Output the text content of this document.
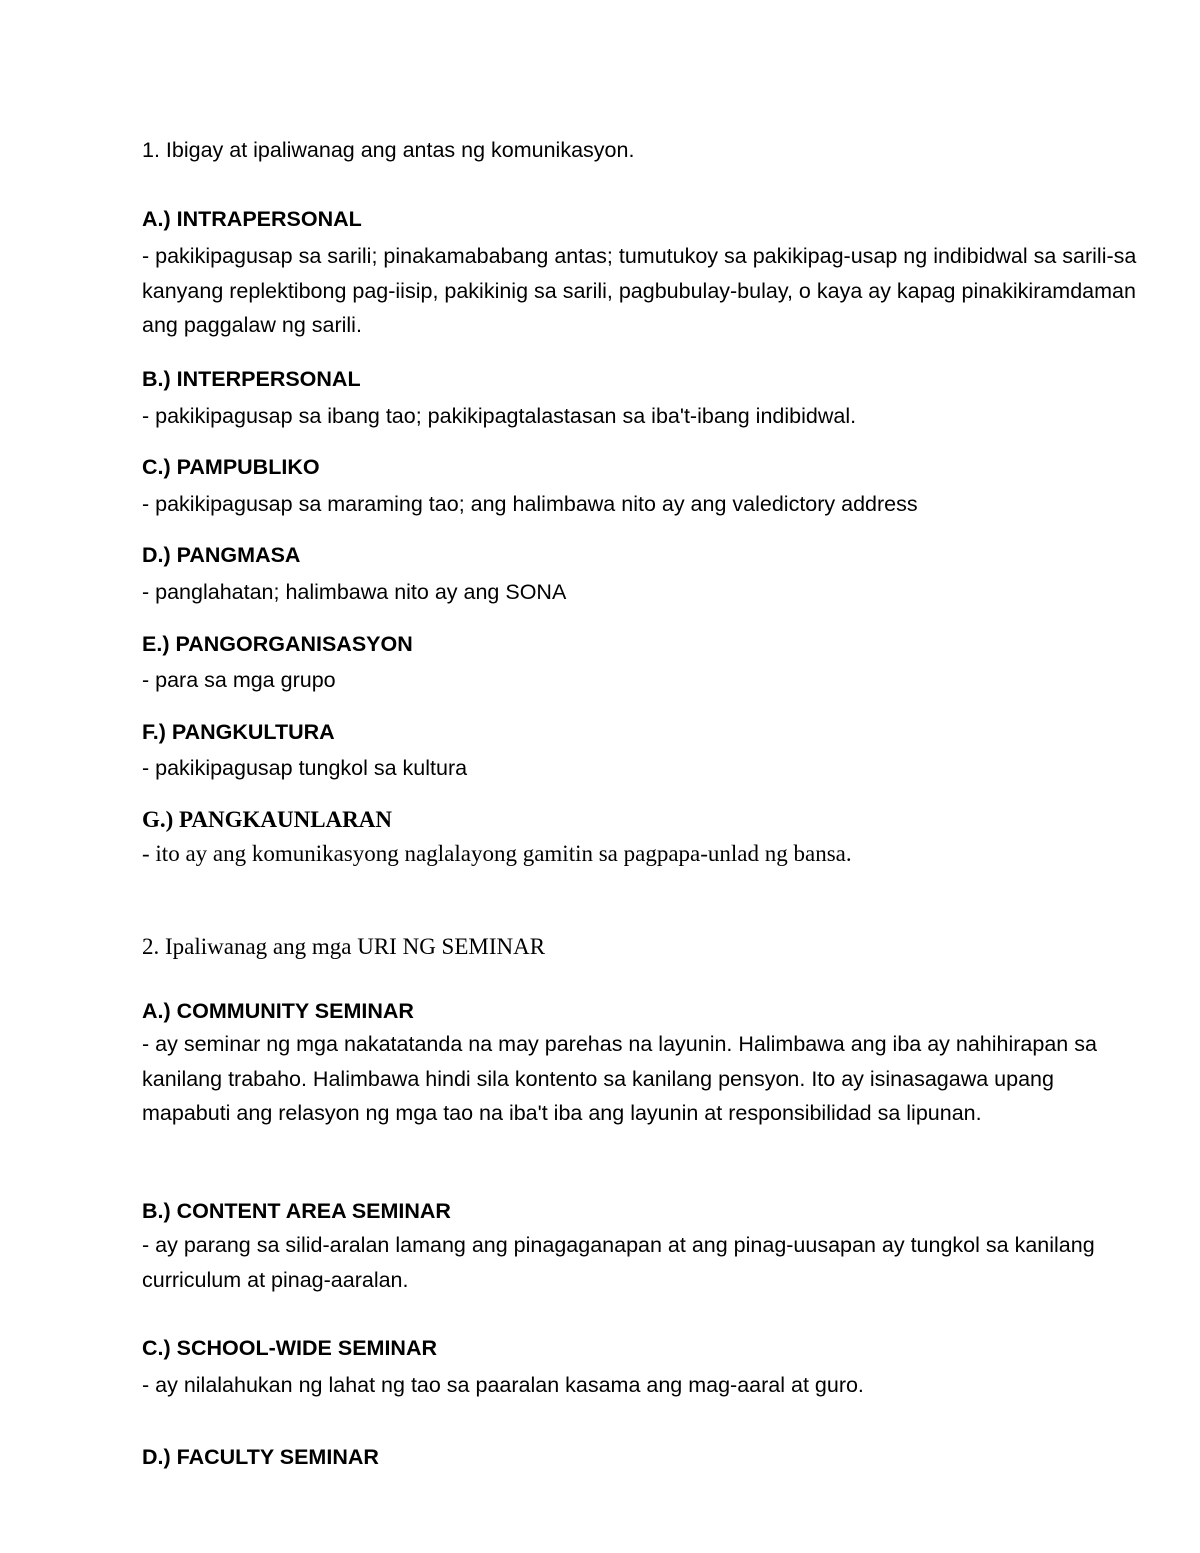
1. Ibigay at ipaliwanag ang antas ng komunikasyon.
A.) INTRAPERSONAL
- pakikipagusap sa sarili; pinakamababang antas; tumutukoy sa pakikipag-usap ng indibidwal sa sarili-sa kanyang replektibong pag-iisip, pakikinig sa sarili, pagbubulay-bulay, o kaya ay kapag pinakikiramdaman ang paggalaw ng sarili.
B.) INTERPERSONAL
- pakikipagusap sa ibang tao; pakikipagtalastasan sa iba't-ibang indibidwal.
C.) PAMPUBLIKO
- pakikipagusap sa maraming tao; ang halimbawa nito ay ang valedictory address
D.) PANGMASA
- panglahatan; halimbawa nito ay ang SONA
E.) PANGORGANISASYON
- para sa mga grupo
F.) PANGKULTURA
- pakikipagusap tungkol sa kultura
G.) PANGKAUNLARAN
- ito ay ang komunikasyong naglalayong gamitin sa pagpapa-unlad ng bansa.
2. Ipaliwanag ang mga URI NG SEMINAR
A.) COMMUNITY SEMINAR
- ay seminar ng mga nakatatanda na may parehas na layunin. Halimbawa ang iba ay nahihirapan sa kanilang trabaho. Halimbawa hindi sila kontento sa kanilang pensyon. Ito ay isinasagawa upang mapabuti ang relasyon ng mga tao na iba't iba ang layunin at responsibilidad sa lipunan.
B.) CONTENT AREA SEMINAR
- ay parang sa silid-aralan lamang ang pinagaganapan at ang pinag-uusapan ay tungkol sa kanilang curriculum at pinag-aaralan.
C.) SCHOOL-WIDE SEMINAR
- ay nilalahukan ng lahat ng tao sa paaralan kasama ang mag-aaral at guro.
D.) FACULTY SEMINAR
